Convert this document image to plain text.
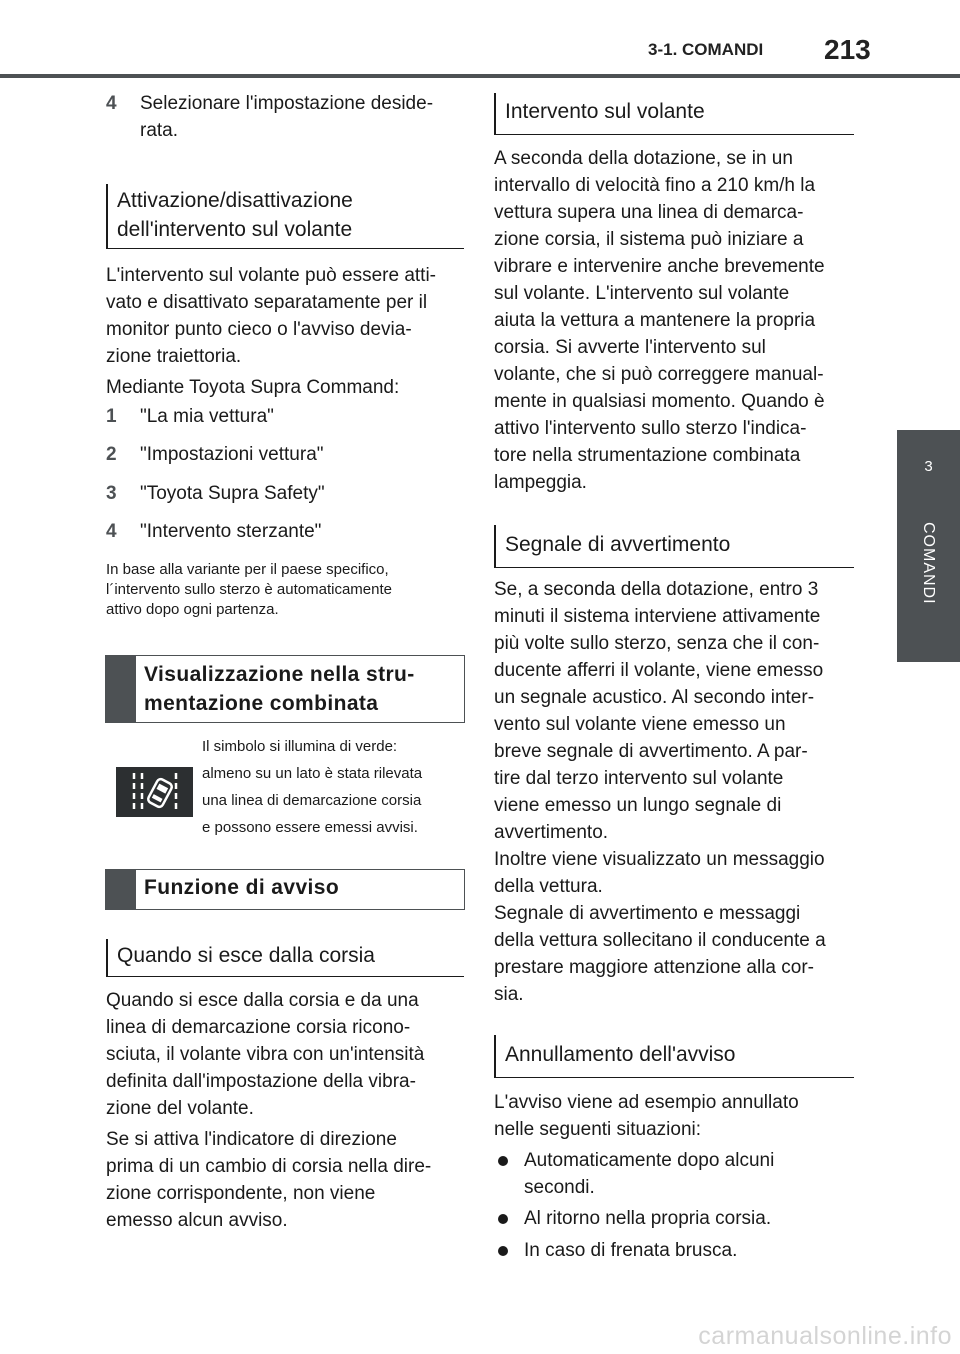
3-1. COMANDI 213
3
COMANDI
4 Selezionare l'impostazione deside-
rata.
Attivazione/disattivazione
dell'intervento sul volante
L'intervento sul volante può essere atti-
vato e disattivato separatamente per il
monitor punto cieco o l'avviso devia-
zione traiettoria.
Mediante Toyota Supra Command:
1 "La mia vettura"
2 "Impostazioni vettura"
3 "Toyota Supra Safety"
4 "Intervento sterzante"
In base alla variante per il paese specifico,
l´intervento sullo sterzo è automaticamente
attivo dopo ogni partenza.
Visualizzazione nella stru-
mentazione combinata
Il simbolo si illumina di verde:
almeno su un lato è stata rilevata
una linea di demarcazione corsia
e possono essere emessi avvisi.
Funzione di avviso
Quando si esce dalla corsia
Quando si esce dalla corsia e da una
linea di demarcazione corsia ricono-
sciuta, il volante vibra con un'intensità
definita dall'impostazione della vibra-
zione del volante.
Se si attiva l'indicatore di direzione
prima di un cambio di corsia nella dire-
zione corrispondente, non viene
emesso alcun avviso.
Intervento sul volante
A seconda della dotazione, se in un
intervallo di velocità fino a 210 km/h la
vettura supera una linea di demarca-
zione corsia, il sistema può iniziare a
vibrare e intervenire anche brevemente
sul volante. L'intervento sul volante
aiuta la vettura a mantenere la propria
corsia. Si avverte l'intervento sul
volante, che si può correggere manual-
mente in qualsiasi momento. Quando è
attivo l'intervento sullo sterzo l'indica-
tore nella strumentazione combinata
lampeggia.
Segnale di avvertimento
Se, a seconda della dotazione, entro 3
minuti il sistema interviene attivamente
più volte sullo sterzo, senza che il con-
ducente afferri il volante, viene emesso
un segnale acustico. Al secondo inter-
vento sul volante viene emesso un
breve segnale di avvertimento. A par-
tire dal terzo intervento sul volante
viene emesso un lungo segnale di
avvertimento.
Inoltre viene visualizzato un messaggio
della vettura.
Segnale di avvertimento e messaggi
della vettura sollecitano il conducente a
prestare maggiore attenzione alla cor-
sia.
Annullamento dell'avviso
L'avviso viene ad esempio annullato
nelle seguenti situazioni:
Automaticamente dopo alcuni
secondi.
Al ritorno nella propria corsia.
In caso di frenata brusca.
carmanualsonline.info
